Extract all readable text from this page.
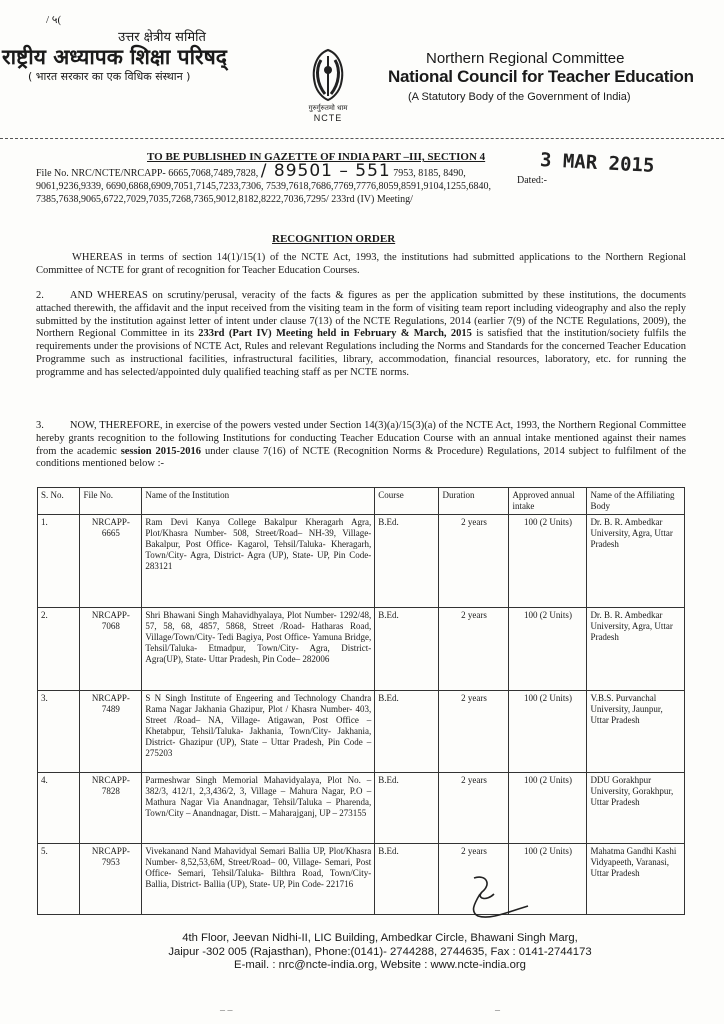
/ ५(
उत्तर क्षेत्रीय समिति
राष्ट्रीय अध्यापक शिक्षा परिषद्
( भारत सरकार का एक विधिक संस्थान )
गुरुर्गुरुतमो धाम
NCTE
Northern Regional Committee
National Council for Teacher Education
(A Statutory Body of the Government of India)
TO BE PUBLISHED IN GAZETTE OF INDIA PART –III, SECTION 4	3 MAR 2015
File No. NRC/NCTE/NRCAPP- 6665,7068,7489,7828, / 89501 – 551 7953, 8185, 8490, 9061,9236,9339, 6690,6868,6909,7051,7145,7233,7306, 7539,7618,7686,7769,7776,8059,8591,9104,1255,6840, 7385,7638,9065,6722,7029,7035,7268,7365,9012,8182,8222,7036,7295/ 233rd (IV) Meeting/
Dated:-
RECOGNITION ORDER
WHEREAS in terms of section 14(1)/15(1) of the NCTE Act, 1993, the institutions had submitted applications to the Northern Regional Committee of NCTE for grant of recognition for Teacher Education Courses.
2. AND WHEREAS on scrutiny/perusal, veracity of the facts & figures as per the application submitted by these institutions, the documents attached therewith, the affidavit and the input received from the visiting team in the form of visiting team report including videography and also the reply submitted by the institution against letter of intent under clause 7(13) of the NCTE Regulations, 2014 (earlier 7(9) of the NCTE Regulations, 2009), the Northern Regional Committee in its 233rd (Part IV) Meeting held in February & March, 2015 is satisfied that the institution/society fulfils the requirements under the provisions of NCTE Act, Rules and relevant Regulations including the Norms and Standards for the concerned Teacher Education Programme such as instructional facilities, infrastructural facilities, library, accommodation, financial resources, laboratory, etc. for running the programme and has selected/appointed duly qualified teaching staff as per NCTE norms.
3. NOW, THEREFORE, in exercise of the powers vested under Section 14(3)(a)/15(3)(a) of the NCTE Act, 1993, the Northern Regional Committee hereby grants recognition to the following Institutions for conducting Teacher Education Course with an annual intake mentioned against their names from the academic session 2015-2016 under clause 7(16) of NCTE (Recognition Norms & Procedure) Regulations, 2014 subject to fulfilment of the conditions mentioned below :-
S. No.	File No.	Name of the Institution	Course	Duration	Approved annual intake	Name of the Affiliating Body
1.	NRCAPP-6665	Ram Devi Kanya College Bakalpur Kheragarh Agra, Plot/Khasra Number- 508, Street/Road– NH-39, Village- Bakalpur, Post Office- Kagarol, Tehsil/Taluka- Kheragarh, Town/City- Agra, District- Agra (UP), State- UP, Pin Code- 283121	B.Ed.	2 years	100 (2 Units)	Dr. B. R. Ambedkar University, Agra, Uttar Pradesh
2.	NRCAPP-7068	Shri Bhawani Singh Mahavidhyalaya, Plot Number- 1292/48, 57, 58, 68, 4857, 5868, Street /Road- Hatharas Road, Village/Town/City- Tedi Bagiya, Post Office- Yamuna Bridge, Tehsil/Taluka- Etmadpur, Town/City- Agra, District- Agra(UP), State- Uttar Pradesh, Pin Code– 282006	B.Ed.	2 years	100 (2 Units)	Dr. B. R. Ambedkar University, Agra, Uttar Pradesh
3.	NRCAPP-7489	S N Singh Institute of Engeering and Technology Chandra Rama Nagar Jakhania Ghazipur, Plot / Khasra Number- 403, Street /Road– NA, Village- Atigawan, Post Office – Khetabpur, Tehsil/Taluka- Jakhania, Town/City- Jakhania, District- Ghazipur (UP), State – Uttar Pradesh, Pin Code – 275203	B.Ed.	2 years	100 (2 Units)	V.B.S. Purvanchal University, Jaunpur, Uttar Pradesh
4.	NRCAPP-7828	Parmeshwar Singh Memorial Mahavidyalaya, Plot No. – 382/3, 412/1, 2,3,436/2, 3, Village – Mahura Nagar, P.O – Mathura Nagar Via Anandnagar, Tehsil/Taluka – Pharenda, Town/City – Anandnagar, Distt. – Maharajganj, UP – 273155	B.Ed.	2 years	100 (2 Units)	DDU Gorakhpur University, Gorakhpur, Uttar Pradesh
5.	NRCAPP-7953	Vivekanand Nand Mahavidyal Semari Ballia UP, Plot/Khasra Number- 8,52,53,6M, Street/Road– 00, Village- Semari, Post Office- Semari, Tehsil/Taluka- Bilthra Road, Town/City- Ballia, District- Ballia (UP), State- UP, Pin Code- 221716	B.Ed.	2 years	100 (2 Units)	Mahatma Gandhi Kashi Vidyapeeth, Varanasi, Uttar Pradesh
4th Floor, Jeevan Nidhi-II, LIC Building, Ambedkar Circle, Bhawani Singh Marg,
Jaipur -302 005 (Rajasthan), Phone:(0141)- 2744288, 2744635, Fax : 0141-2744173
E-mail. : nrc@ncte-india.org, Website : www.ncte-india.org
– –	–
